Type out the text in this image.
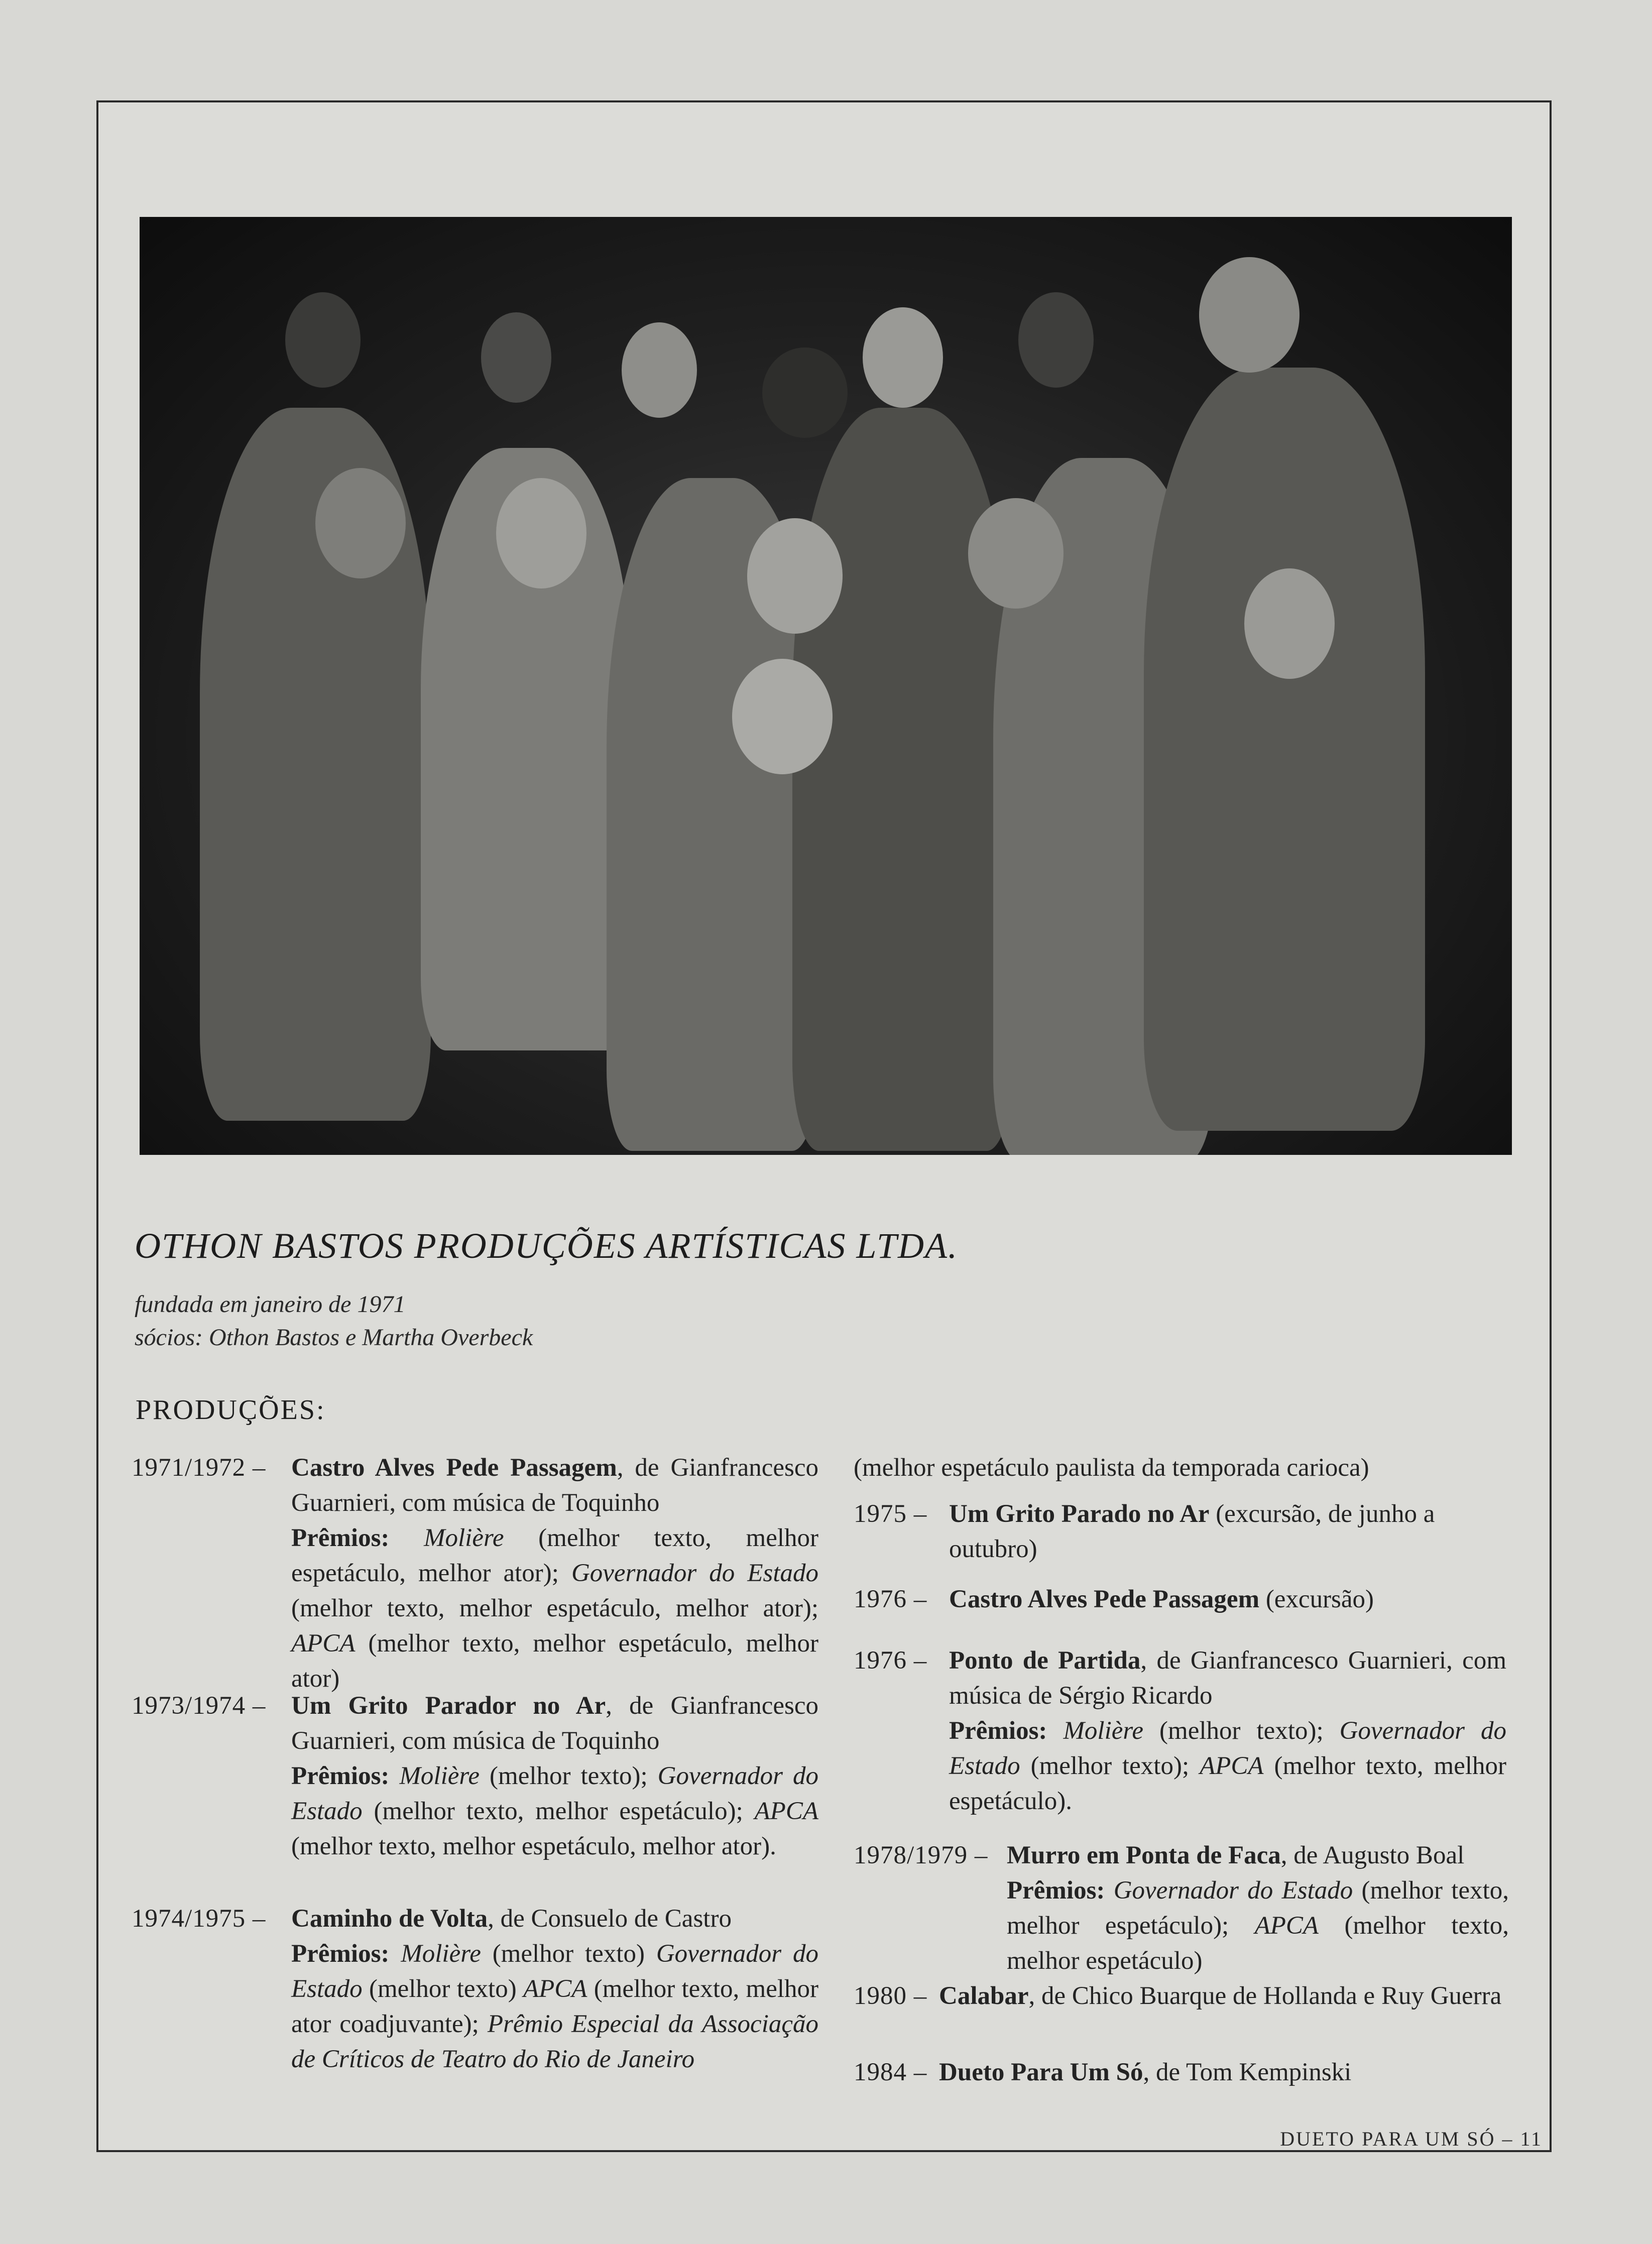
OTHON BASTOS PRODUÇÕES ARTÍSTICAS LTDA.
fundada em janeiro de 1971
sócios: Othon Bastos e Martha Overbeck
PRODUÇÕES:
1971/1972 – Castro Alves Pede Passagem, de Gianfrancesco Guarnieri, com música de Toquinho
Prêmios: Molière (melhor texto, melhor espetáculo, melhor ator); Governador do Estado (melhor texto, melhor espetáculo, melhor ator); APCA (melhor texto, melhor espetáculo, melhor ator)
1973/1974 – Um Grito Parador no Ar, de Gianfrancesco Guarnieri, com música de Toquinho
Prêmios: Molière (melhor texto); Governador do Estado (melhor texto, melhor espetáculo); APCA (melhor texto, melhor espetáculo, melhor ator).
1974/1975 – Caminho de Volta, de Consuelo de Castro
Prêmios: Molière (melhor texto) Governador do Estado (melhor texto) APCA (melhor texto, melhor ator coadjuvante); Prêmio Especial da Associação de Críticos de Teatro do Rio de Janeiro
(melhor espetáculo paulista da temporada carioca)
1975 – Um Grito Parado no Ar (excursão, de junho a outubro)
1976 – Castro Alves Pede Passagem (excursão)
1976 – Ponto de Partida, de Gianfrancesco Guarnieri, com música de Sérgio Ricardo
Prêmios: Molière (melhor texto); Governador do Estado (melhor texto); APCA (melhor texto, melhor espetáculo).
1978/1979 – Murro em Ponta de Faca, de Augusto Boal
Prêmios: Governador do Estado (melhor texto, melhor espetáculo); APCA (melhor texto, melhor espetáculo)
1980 – Calabar, de Chico Buarque de Hollanda e Ruy Guerra
1984 – Dueto Para Um Só, de Tom Kempinski
DUETO PARA UM SÓ – 11
